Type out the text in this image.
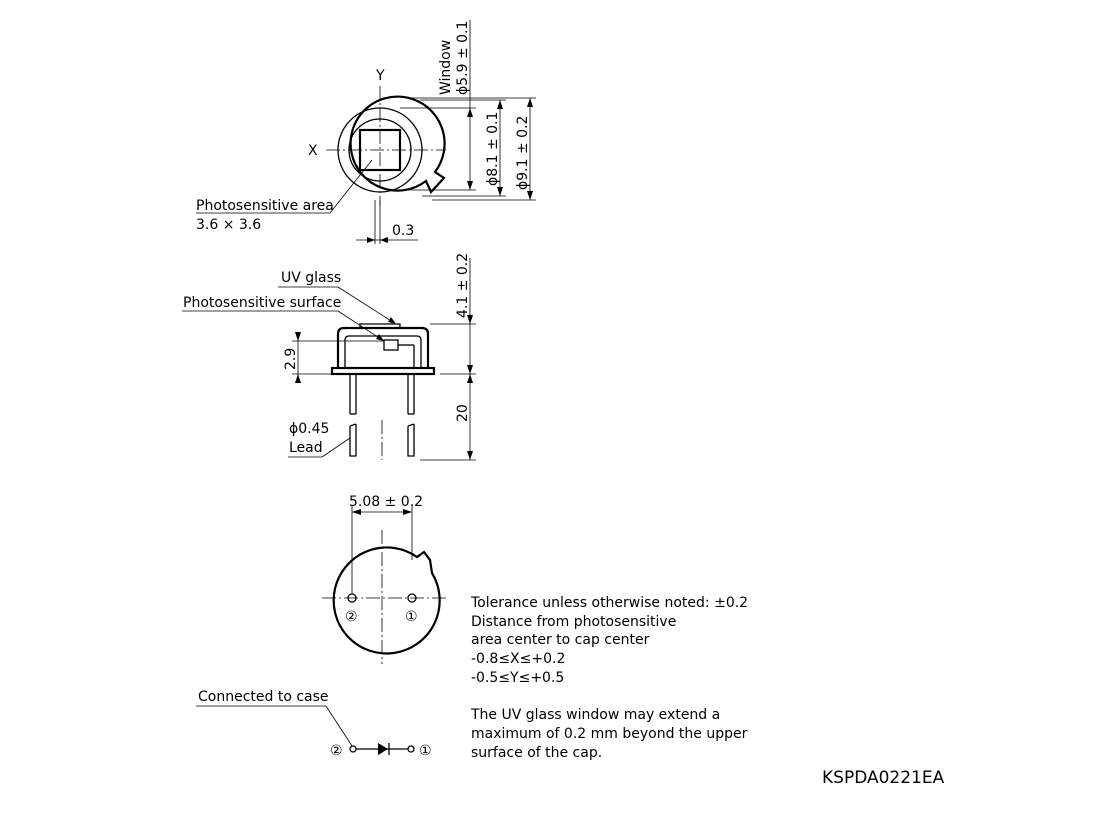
Y
X
Window ϕ5.9 ± 0.1
ϕ8.1 ± 0.1 ϕ9.1 ± 0.2
Photosensitive area
3.6 × 3.6	0.3
UV glass
Photosensitive surface	4.1 ± 0.2
20
2.9
ϕ0.45
Lead
②	①
5.08 ± 0.2
Connected to case
②	①
Tolerance unless otherwise noted: ±0.2
Distance from photosensitive
area center to cap center
-0.8≤X≤+0.2
-0.5≤Y≤+0.5
The UV glass window may extend a
maximum of 0.2 mm beyond the upper
surface of the cap.
KSPDA0221EA
